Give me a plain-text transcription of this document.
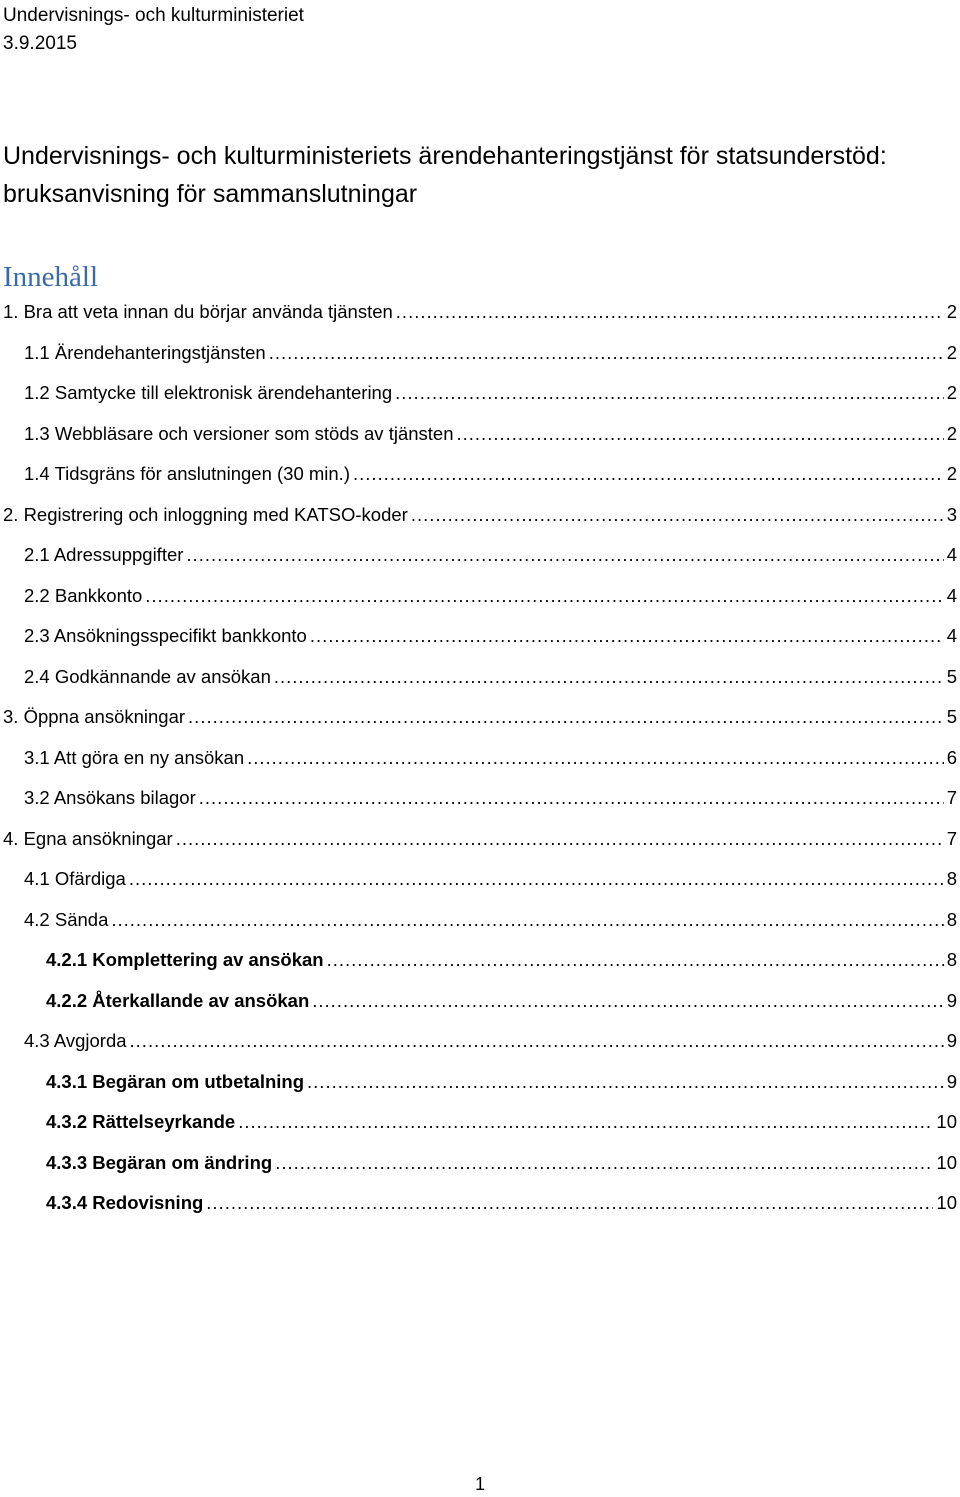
Undervisnings- och kulturministeriet
3.9.2015
Undervisnings- och kulturministeriets ärendehanteringstjänst för statsunderstöd: bruksanvisning för sammanslutningar
Innehåll
1. Bra att veta innan du börjar använda tjänsten .....	2
1.1 Ärendehanteringstjänsten .....	2
1.2 Samtycke till elektronisk ärendehantering .....	2
1.3 Webbläsare och versioner som stöds av tjänsten .....	2
1.4 Tidsgräns för anslutningen (30 min.) .....	2
2. Registrering och inloggning med KATSO-koder .....	3
2.1 Adressuppgifter .....	4
2.2 Bankkonto .....	4
2.3 Ansökningsspecifikt bankkonto .....	4
2.4 Godkännande av ansökan .....	5
3. Öppna ansökningar .....	5
3.1 Att göra en ny ansökan .....	6
3.2 Ansökans bilagor .....	7
4. Egna ansökningar .....	7
4.1 Ofärdiga .....	8
4.2 Sända .....	8
4.2.1 Komplettering av ansökan .....	8
4.2.2 Återkallande av ansökan .....	9
4.3 Avgjorda .....	9
4.3.1 Begäran om utbetalning .....	9
4.3.2 Rättelseyrkande .....	10
4.3.3 Begäran om ändring .....	10
4.3.4 Redovisning .....	10
1
